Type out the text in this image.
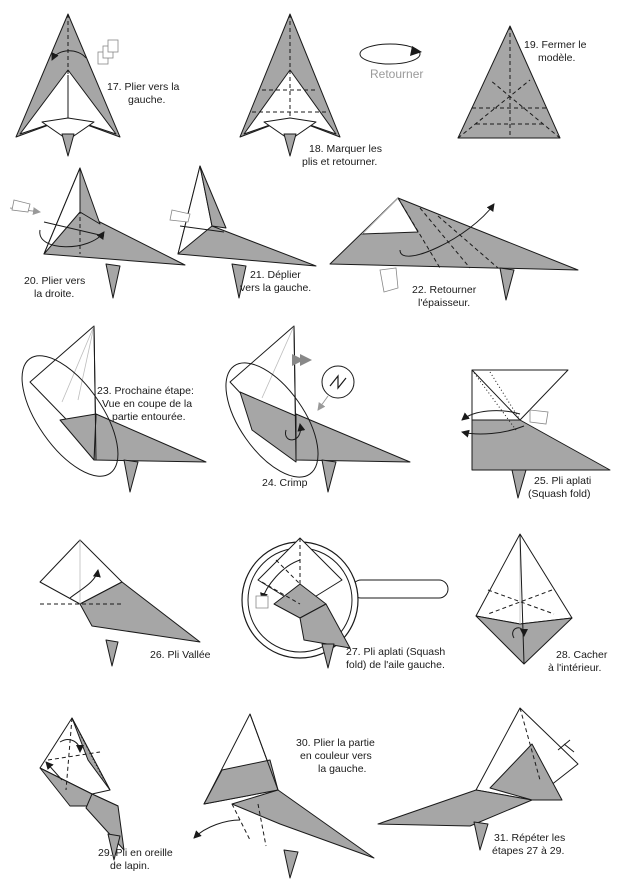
17. Plier vers la gauche.
18. Marquer les plis et retourner.
Retourner
19. Fermer le modèle.
20. Plier vers la droite.
21. Déplier vers la gauche.	22. Retourner l'épaisseur.
23. Prochaine étape: Vue en coupe de la partie entourée.
24. Crimp	25. Pli aplati (Squash fold)
26. Pli Vallée	27. Pli aplati (Squash fold) de l'aile gauche.
28. Cacher à l'intérieur.
29. Pli en oreille de lapin.
30. Plier la partie en couleur vers la gauche.
31. Répéter les étapes 27 à 29.
